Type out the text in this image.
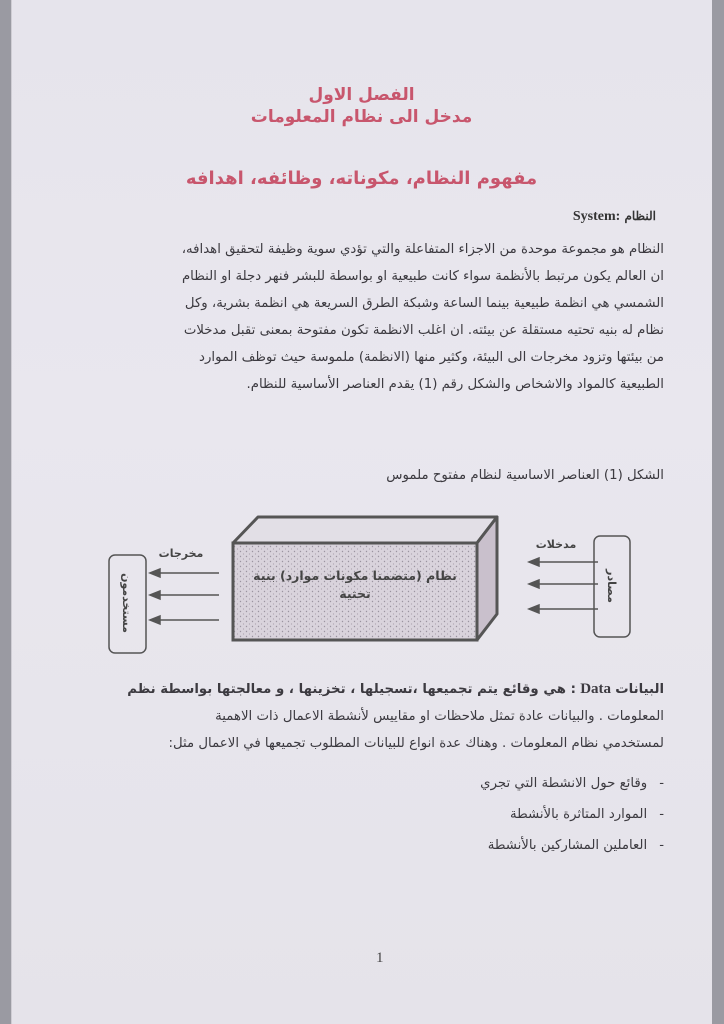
الفصل الاول
مدخل الى نظام المعلومات
مفهوم النظام، مكوناته، وظائفه، اهدافه
النظام System:
النظام هو مجموعة موحدة من الاجزاء المتفاعلة والتي تؤدي سوية وظيفة لتحقيق اهدافه،
ان العالم يكون مرتبط بالأنظمة سواء كانت طبيعية او بواسطة للبشر فنهر دجلة او النظام
الشمسي هي انظمة طبيعية بينما الساعة وشبكة الطرق السريعة هي انظمة بشرية، وكل
نظام له بنيه تحتيه مستقلة عن بيئته. ان اغلب الانظمة تكون مفتوحة بمعنى تقبل مدخلات
من بيئتها وتزود مخرجات الى البيئة، وكثير منها (الانظمة) ملموسة حيث توظف الموارد
الطبيعية كالمواد والاشخاص والشكل رقم (1) يقدم العناصر الأساسية للنظام.
الشكل (1) العناصر الاساسية لنظام مفتوح ملموس
نظام (متضمنا مكونات موارد) بنية
تحتية	مصادر
مستخدمون
مدخلات
مخرجات
البيانات Data : هي وقائع يتم تجميعها ،تسجيلها ، تخزينها ، و معالجتها بواسطة نظم
المعلومات . والبيانات عادة تمثل ملاحظات او مقاييس لأنشطة الاعمال ذات الاهمية
لمستخدمي نظام المعلومات . وهناك عدة انواع للبيانات المطلوب تجميعها في الاعمال مثل:
-
وقائع حول الانشطة التي تجري
-
الموارد المتاثرة بالأنشطة
-
العاملين المشاركين بالأنشطة
1
